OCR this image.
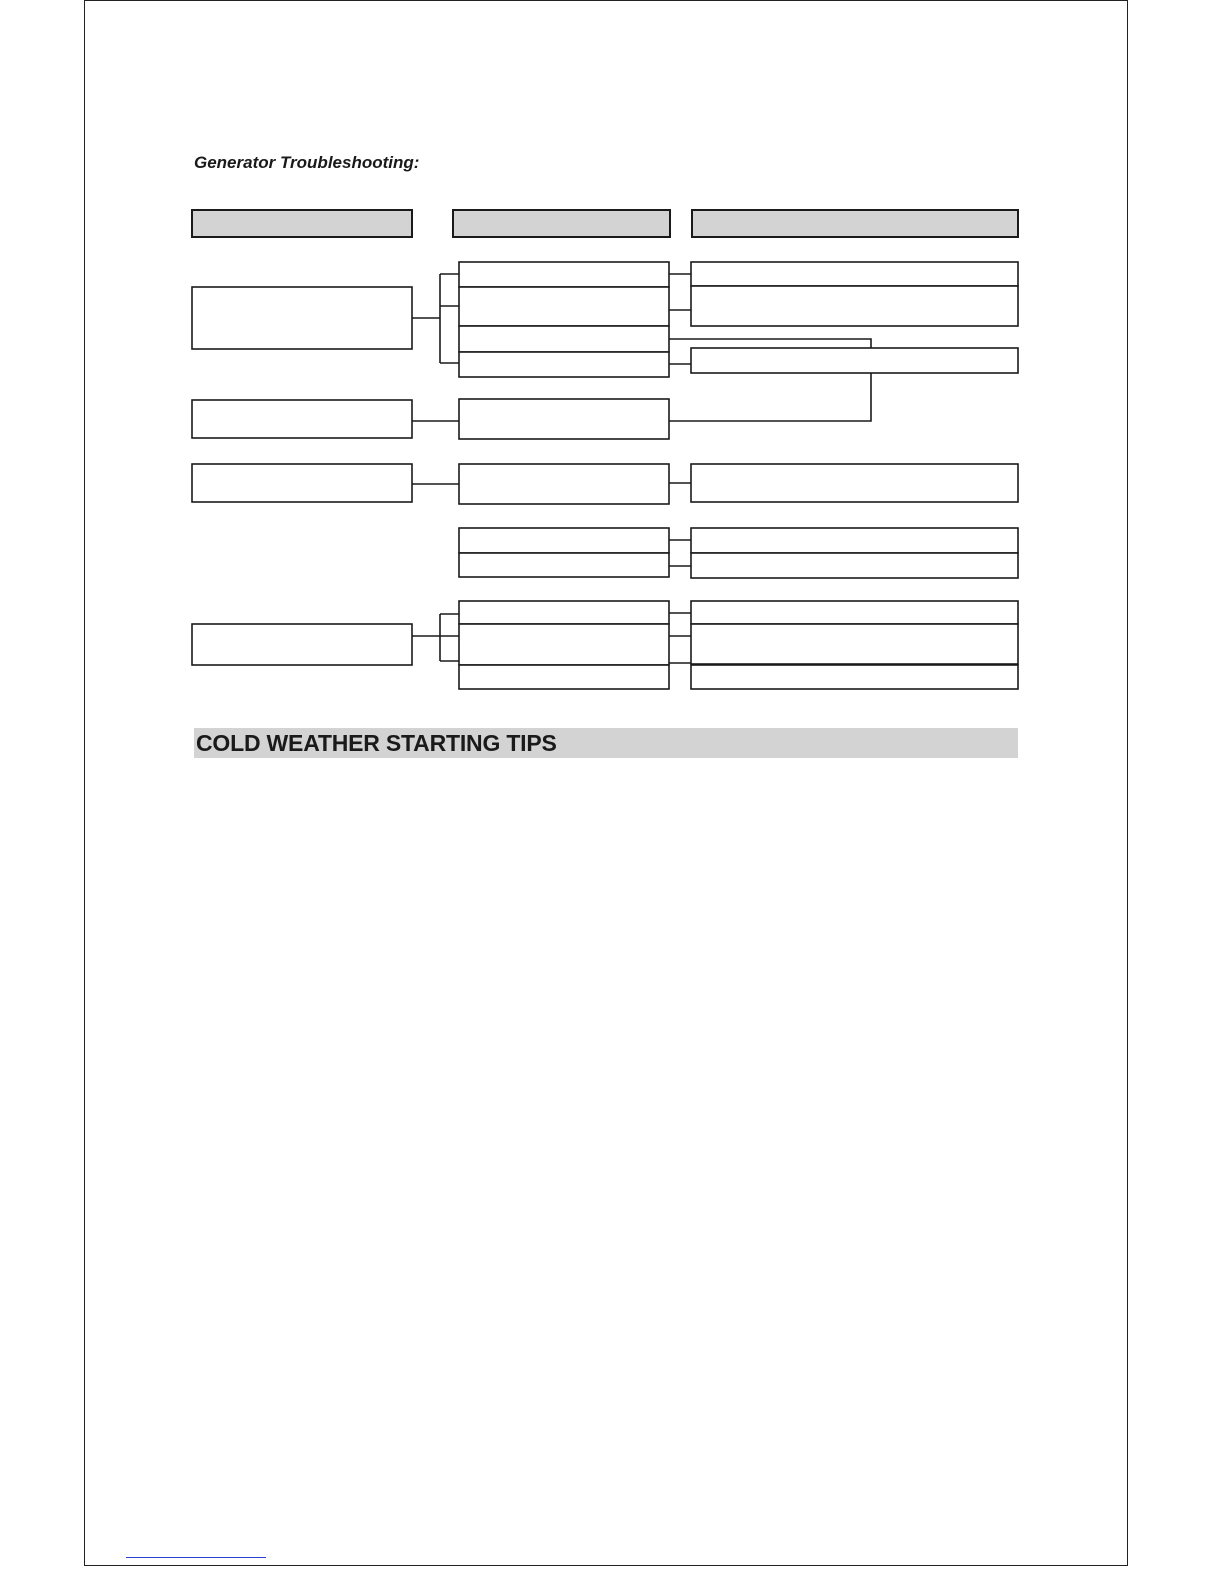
Generator Troubleshooting:
COLD WEATHER STARTING TIPS
